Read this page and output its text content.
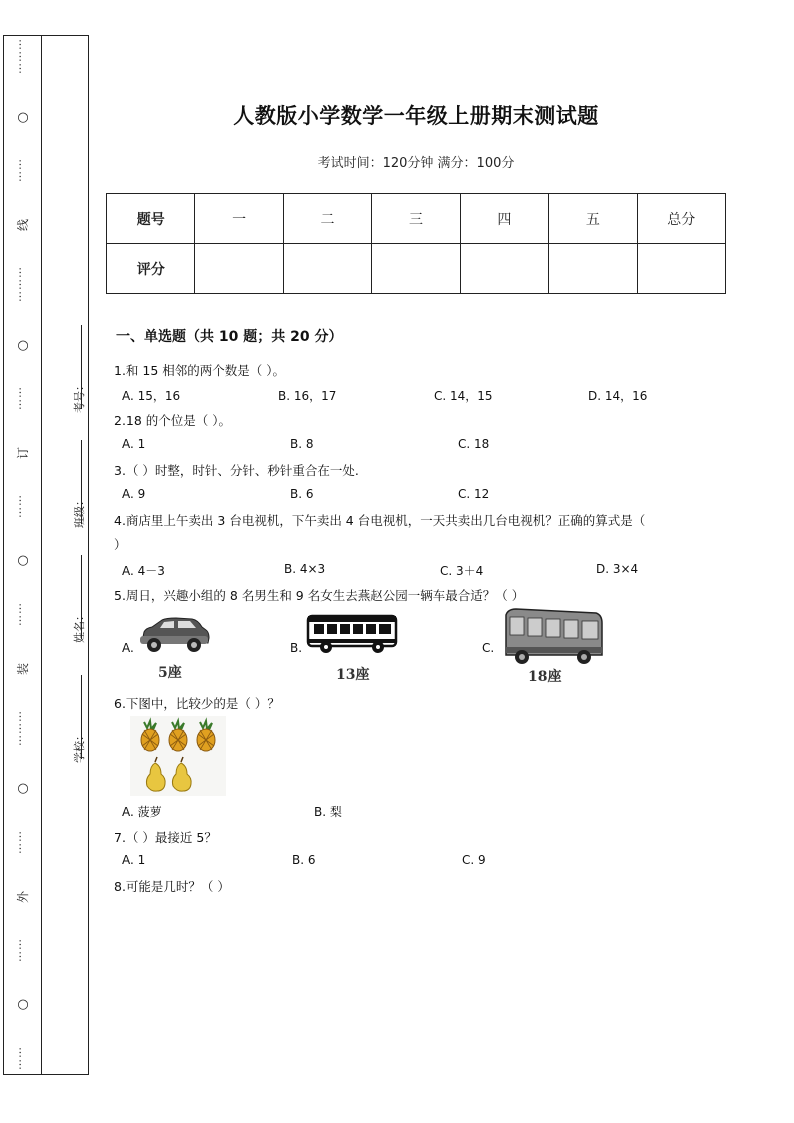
………
○
……
线
………
○
……
订
……
○
……
装
………
○
……
外
……
○
……
考号：
班级：
姓名：
学校：
人教版小学数学一年级上册期末测试题
考试时间：120分钟 满分：100分
题号	一	二	三	四	五	总分
评分						
一、单选题（共 10 题；共 20 分）
1.和 15 相邻的两个数是（ ）。
A. 15，16	B. 16，17	C. 14，15	D. 14，16
2.18 的个位是（ ）。
A. 1	B. 8	C. 18
3.（ ）时整，时针、分针、秒针重合在一处.
A. 9	B. 6	C. 12
4.商店里上午卖出 3 台电视机，下午卖出 4 台电视机，一天共卖出几台电视机？正确的算式是（
）
A. 4－3	B. 4×3	C. 3＋4	D. 3×4
5.周日，兴趣小组的 8 名男生和 9 名女生去燕赵公园一辆车最合适？（ ）
A.
5座
B.
13座
C.
18座
6.下图中，比较少的是（ ）？
A. 菠萝	B. 梨
7.（ ）最接近 5？
A. 1	B. 6	C. 9
8.可能是几时？（ ）
